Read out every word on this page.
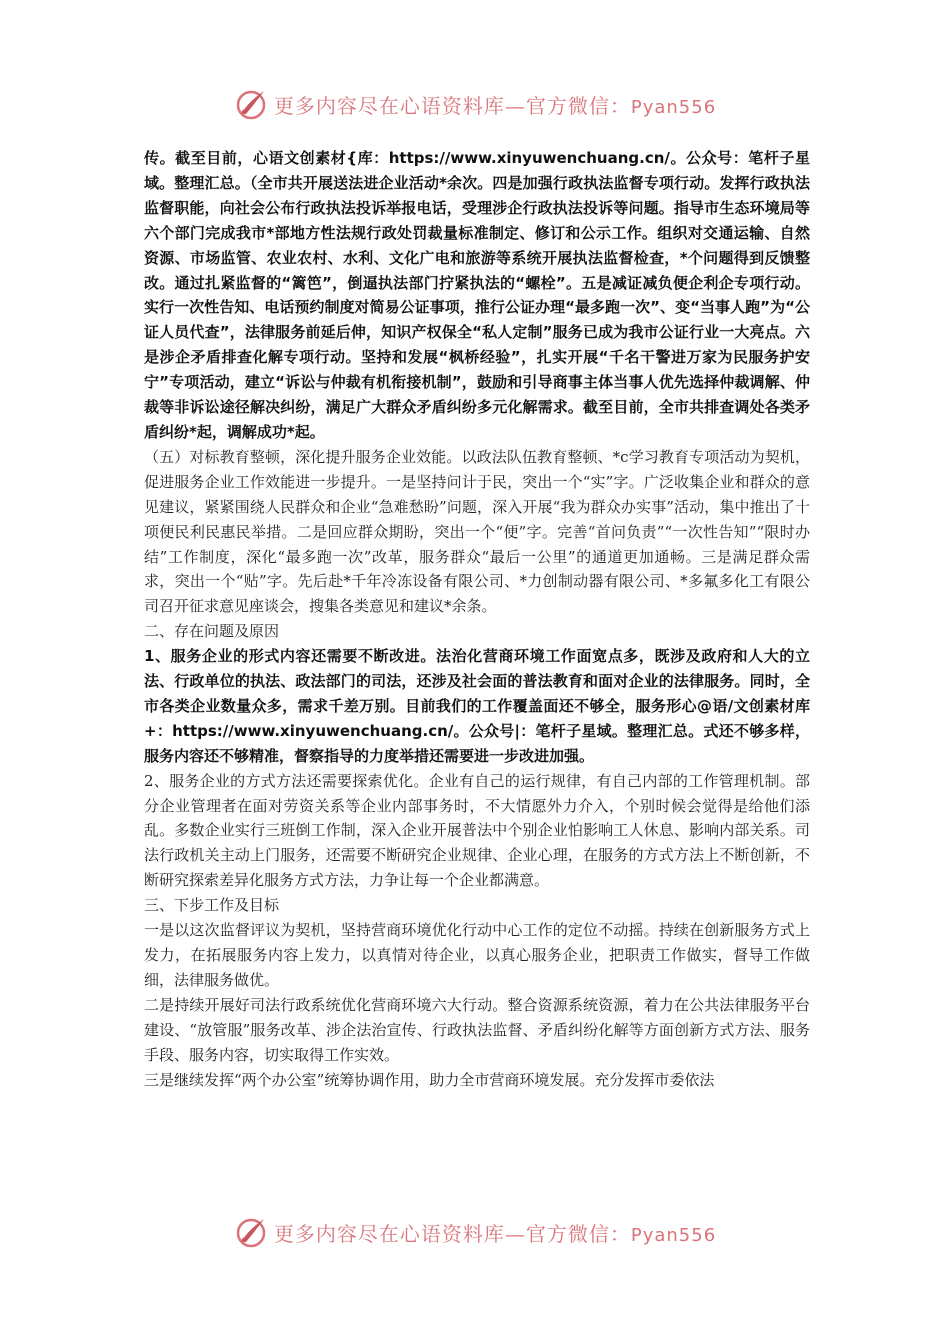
更多内容尽在心语资料库—官方微信：Pyan556

传。截至目前，心语文创素材{库：https://www.xinyuwenchuang.cn/。公众号：笔杆子星域。整理汇总。（全市共开展送法进企业活动*余次。四是加强行政执法监督专项行动。发挥行政执法监督职能，向社会公布行政执法投诉举报电话，受理涉企行政执法投诉等问题。指导市生态环境局等六个部门完成我市*部地方性法规行政处罚裁量标准制定、修订和公示工作。组织对交通运输、自然资源、市场监管、农业农村、水利、文化广电和旅游等系统开展执法监督检查，*个问题得到反馈整改。通过扎紧监督的“篱笆”，倒逼执法部门拧紧执法的“螺栓”。五是减证减负便企利企专项行动。实行一次性告知、电话预约制度对简易公证事项，推行公证办理“最多跑一次”、变“当事人跑”为“公证人员代查”，法律服务前延后伸，知识产权保全“私人定制”服务已成为我市公证行业一大亮点。六是涉企矛盾排查化解专项行动。坚持和发展“枫桥经验”，扎实开展“千名干警进万家为民服务护安宁”专项活动，建立“诉讼与仲裁有机衔接机制”，鼓励和引导商事主体当事人优先选择仲裁调解、仲裁等非诉讼途径解决纠纷，满足广大群众矛盾纠纷多元化解需求。截至目前，全市共排查调处各类矛盾纠纷*起，调解成功*起。

（五）对标教育整顿，深化提升服务企业效能。以政法队伍教育整顿、*c学习教育专项活动为契机，促进服务企业工作效能进一步提升。一是坚持问计于民，突出一个“实”字。广泛收集企业和群众的意见建议，紧紧围绕人民群众和企业“急难愁盼”问题，深入开展“我为群众办实事”活动，集中推出了十项便民利民惠民举措。二是回应群众期盼，突出一个“便”字。完善“首问负责”“一次性告知”“限时办结”工作制度，深化“最多跑一次”改革，服务群众“最后一公里”的通道更加通畅。三是满足群众需求，突出一个“贴”字。先后赴*千年冷冻设备有限公司、*力创制动器有限公司、*多氟多化工有限公司召开征求意见座谈会，搜集各类意见和建议*余条。

二、存在问题及原因

1、服务企业的形式内容还需要不断改进。法治化营商环境工作面宽点多，既涉及政府和人大的立法、行政单位的执法、政法部门的司法，还涉及社会面的普法教育和面对企业的法律服务。同时，全市各类企业数量众多，需求千差万别。目前我们的工作覆盖面还不够全，服务形心@语/文创素材库+：https://www.xinyuwenchuang.cn/。公众号|：笔杆子星域。整理汇总。式还不够多样，服务内容还不够精准，督察指导的力度举措还需要进一步改进加强。

2、服务企业的方式方法还需要探索优化。企业有自己的运行规律，有自己内部的工作管理机制。部分企业管理者在面对劳资关系等企业内部事务时，不大情愿外力介入，个别时候会觉得是给他们添乱。多数企业实行三班倒工作制，深入企业开展普法中个别企业怕影响工人休息、影响内部关系。司法行政机关主动上门服务，还需要不断研究企业规律、企业心理，在服务的方式方法上不断创新，不断研究探索差异化服务方式方法，力争让每一个企业都满意。

三、下步工作及目标

一是以这次监督评议为契机，坚持营商环境优化行动中心工作的定位不动摇。持续在创新服务方式上发力，在拓展服务内容上发力，以真情对待企业，以真心服务企业，把职责工作做实，督导工作做细，法律服务做优。

二是持续开展好司法行政系统优化营商环境六大行动。整合资源系统资源，着力在公共法律服务平台建设、“放管服”服务改革、涉企法治宣传、行政执法监督、矛盾纠纷化解等方面创新方式方法、服务手段、服务内容，切实取得工作实效。

三是继续发挥“两个办公室”统筹协调作用，助力全市营商环境发展。充分发挥市委依法

更多内容尽在心语资料库—官方微信：Pyan556
